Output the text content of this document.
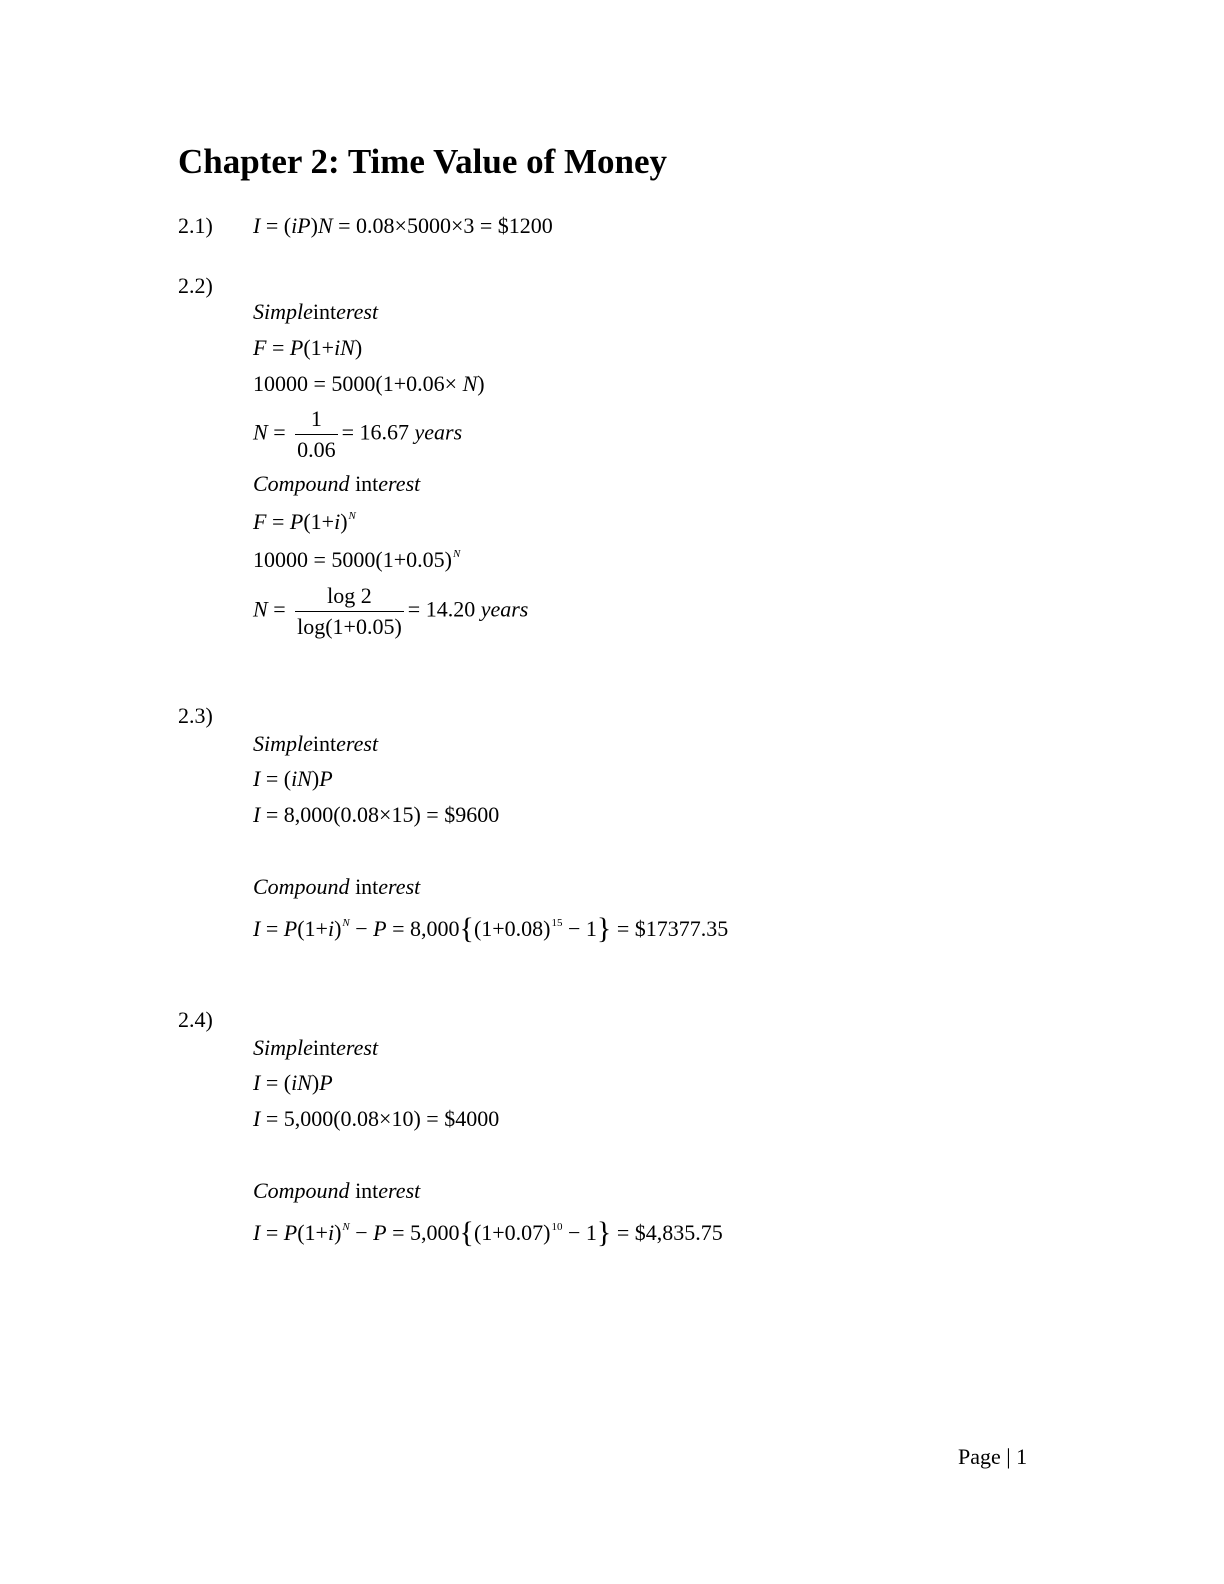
Chapter 2: Time Value of Money
2.1) I = (iP)N = 0.08×5000×3 = $1200
2.2)
Simpleinterest
F = P(1+iN)
10000 = 5000(1+0.06× N)
$N = \frac{1}{0.06} = 16.67$ years
Compound interest
$F = P(1+i)^N$
$10000 = 5000(1+0.05)^N$
$N = \frac{\log 2}{\log(1+0.05)} = 14.20$ years
2.3)
Simpleinterest
I = (iN)P
I = 8,000(0.08×15) = $9600
Compound interest
$I = P(1+i)^N - P = 8,000\{(1+0.08)^{15} - 1\}$ = $17377.35
2.4)
Simpleinterest
I = (iN)P
I = 5,000(0.08×10) = $4000
Compound interest
$I = P(1+i)^N - P = 5,000\{(1+0.07)^{10} - 1\}$ = $4,835.75
Page | 1
